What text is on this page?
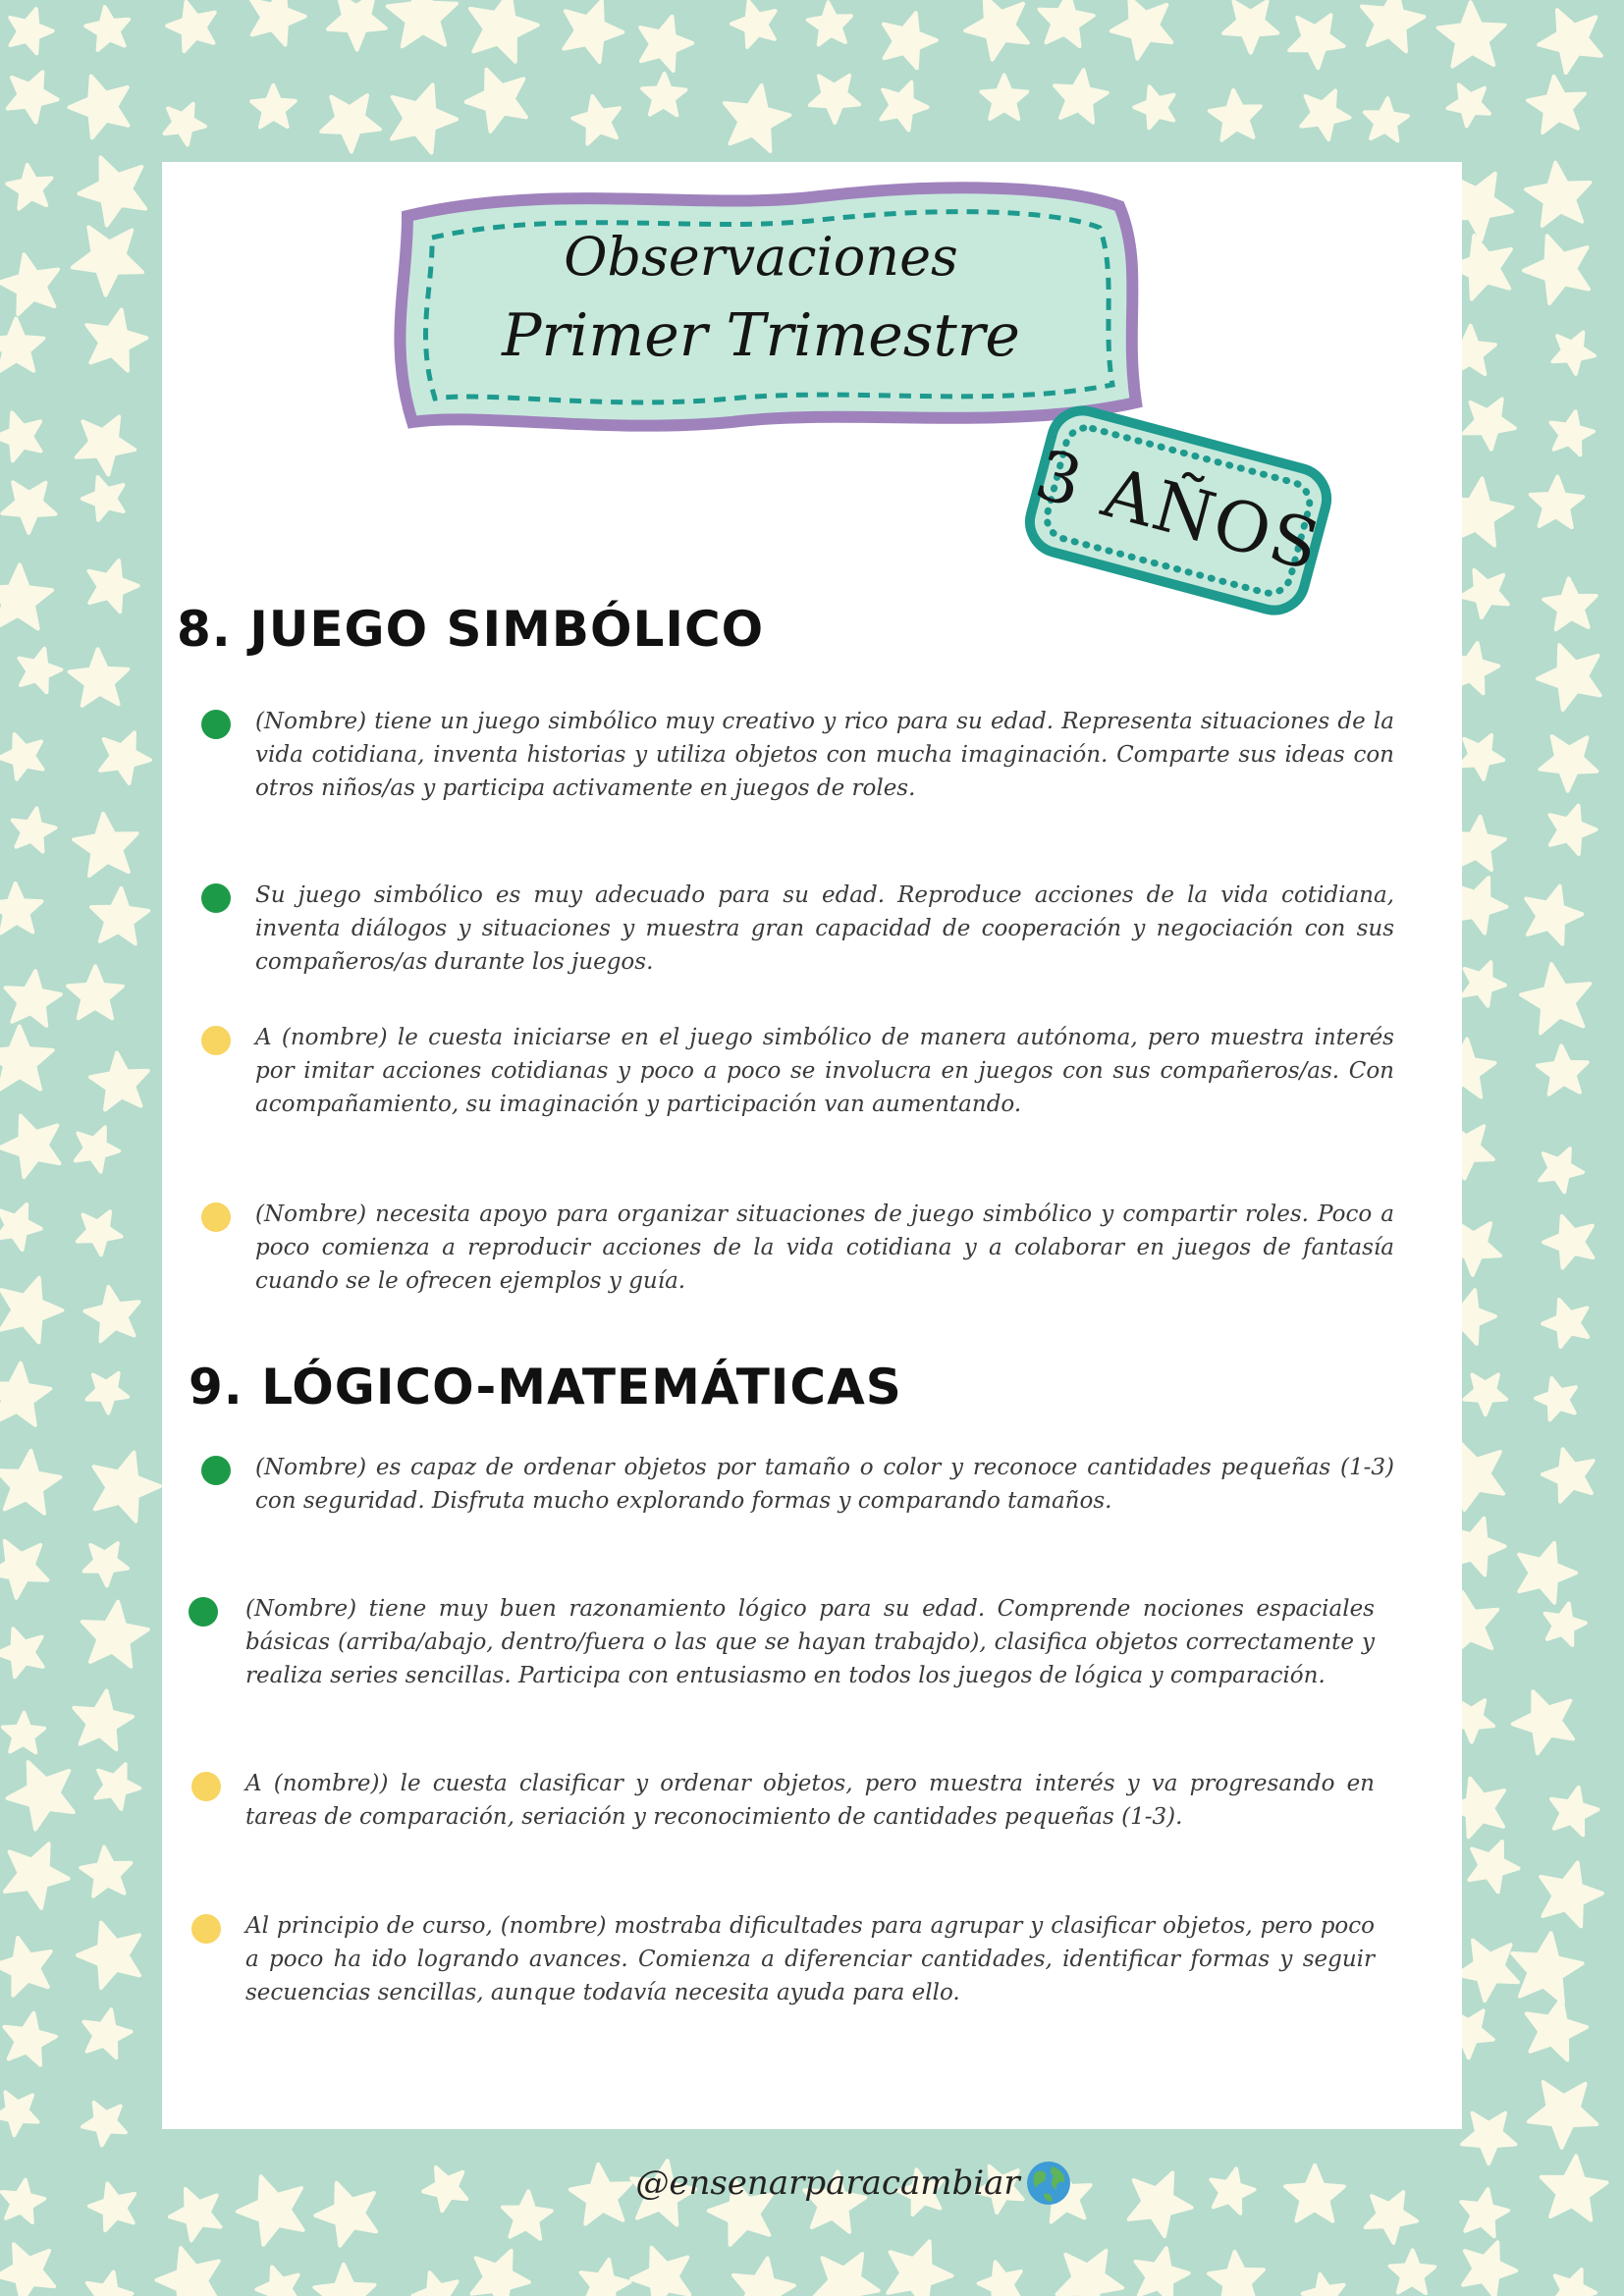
Observaciones
Primer Trimestre
3 AÑOS
8. JUEGO SIMBÓLICO

(Nombre) tiene un juego simbólico muy creativo y rico para su edad. Representa situaciones de la vida cotidiana, inventa historias y utiliza objetos con mucha imaginación. Comparte sus ideas con otros niños/as y participa activamente en juegos de roles.

Su juego simbólico es muy adecuado para su edad. Reproduce acciones de la vida cotidiana, inventa diálogos y situaciones y muestra gran capacidad de cooperación y negociación con sus compañeros/as durante los juegos.

A (nombre) le cuesta iniciarse en el juego simbólico de manera autónoma, pero muestra interés por imitar acciones cotidianas y poco a poco se involucra en juegos con sus compañeros/as. Con acompañamiento, su imaginación y participación van aumentando.

(Nombre) necesita apoyo para organizar situaciones de juego simbólico y compartir roles. Poco a poco comienza a reproducir acciones de la vida cotidiana y a colaborar en juegos de fantasía cuando se le ofrecen ejemplos y guía.

9. LÓGICO-MATEMÁTICAS

(Nombre) es capaz de ordenar objetos por tamaño o color y reconoce cantidades pequeñas (1-3) con seguridad. Disfruta mucho explorando formas y comparando tamaños.

(Nombre) tiene muy buen razonamiento lógico para su edad. Comprende nociones espaciales básicas (arriba/abajo, dentro/fuera o las que se hayan trabajdo), clasifica objetos correctamente y realiza series sencillas. Participa con entusiasmo en todos los juegos de lógica y comparación.

A (nombre)) le cuesta clasificar y ordenar objetos, pero muestra interés y va progresando en tareas de comparación, seriación y reconocimiento de cantidades pequeñas (1-3).

Al principio de curso, (nombre) mostraba dificultades para agrupar y clasificar objetos, pero poco a poco ha ido logrando avances. Comienza a diferenciar cantidades, identificar formas y seguir secuencias sencillas, aunque todavía necesita ayuda para ello.

@ensenarparacambiar
